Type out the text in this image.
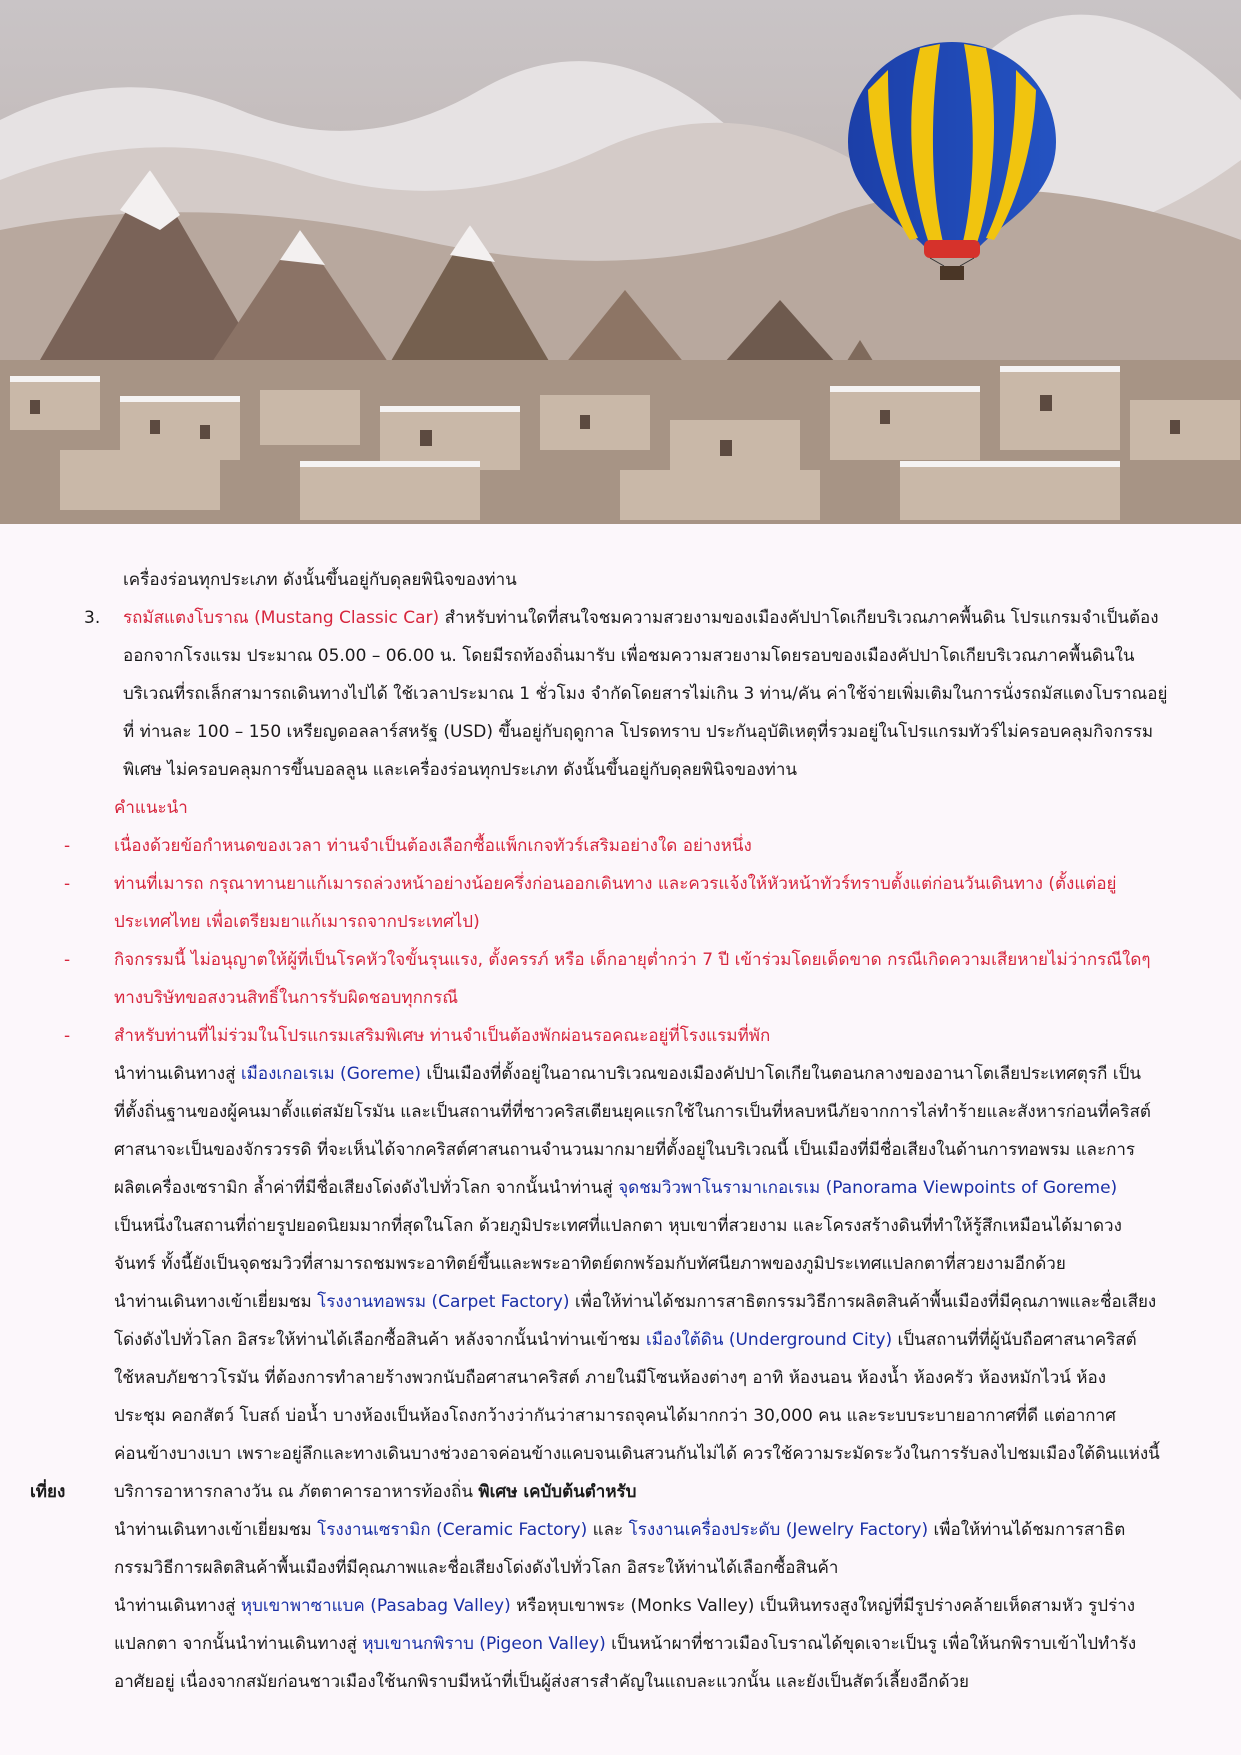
เครื่องร่อนทุกประเภท ดังนั้นขึ้นอยู่กับดุลยพินิจของท่าน
3. รถมัสแตงโบราณ (Mustang Classic Car) สำหรับท่านใดที่สนใจชมความสวยงามของเมืองคัปปาโดเกียบริเวณภาคพื้นดิน โปรแกรมจำเป็นต้อง
ออกจากโรงแรม ประมาณ 05.00 – 06.00 น. โดยมีรถท้องถิ่นมารับ เพื่อชมความสวยงามโดยรอบของเมืองคัปปาโดเกียบริเวณภาคพื้นดินใน
บริเวณที่รถเล็กสามารถเดินทางไปได้ ใช้เวลาประมาณ 1 ชั่วโมง จำกัดโดยสารไม่เกิน 3 ท่าน/คัน ค่าใช้จ่ายเพิ่มเติมในการนั่งรถมัสแตงโบราณอยู่
ที่ ท่านละ 100 – 150 เหรียญดอลลาร์สหรัฐ (USD) ขึ้นอยู่กับฤดูกาล โปรดทราบ ประกันอุบัติเหตุที่รวมอยู่ในโปรแกรมทัวร์ไม่ครอบคลุมกิจกรรม
พิเศษ ไม่ครอบคลุมการขึ้นบอลลูน และเครื่องร่อนทุกประเภท ดังนั้นขึ้นอยู่กับดุลยพินิจของท่าน
คำแนะนำ
-	เนื่องด้วยข้อกำหนดของเวลา ท่านจำเป็นต้องเลือกซื้อแพ็กเกจทัวร์เสริมอย่างใด อย่างหนึ่ง
-	ท่านที่เมารถ กรุณาทานยาแก้เมารถล่วงหน้าอย่างน้อยครึ่งก่อนออกเดินทาง และควรแจ้งให้หัวหน้าทัวร์ทราบตั้งแต่ก่อนวันเดินทาง (ตั้งแต่อยู่
ประเทศไทย เพื่อเตรียมยาแก้เมารถจากประเทศไป)
-	กิจกรรมนี้ ไม่อนุญาตให้ผู้ที่เป็นโรคหัวใจขั้นรุนแรง, ตั้งครรภ์ หรือ เด็กอายุต่ำกว่า 7 ปี เข้าร่วมโดยเด็ดขาด กรณีเกิดความเสียหายไม่ว่ากรณีใดๆ
ทางบริษัทขอสงวนสิทธิ์ในการรับผิดชอบทุกกรณี
-	สำหรับท่านที่ไม่ร่วมในโปรแกรมเสริมพิเศษ ท่านจำเป็นต้องพักผ่อนรอคณะอยู่ที่โรงแรมที่พัก
นำท่านเดินทางสู่ เมืองเกอเรเม (Goreme) เป็นเมืองที่ตั้งอยู่ในอาณาบริเวณของเมืองคัปปาโดเกียในตอนกลางของอานาโตเลียประเทศตุรกี เป็น
ที่ตั้งถิ่นฐานของผู้คนมาตั้งแต่สมัยโรมัน และเป็นสถานที่ที่ชาวคริสเตียนยุคแรกใช้ในการเป็นที่หลบหนีภัยจากการไล่ทำร้ายและสังหารก่อนที่คริสต์
ศาสนาจะเป็นของจักรวรรดิ ที่จะเห็นได้จากคริสต์ศาสนถานจำนวนมากมายที่ตั้งอยู่ในบริเวณนี้ เป็นเมืองที่มีชื่อเสียงในด้านการทอพรม และการ
ผลิตเครื่องเซรามิก ล้ำค่าที่มีชื่อเสียงโด่งดังไปทั่วโลก จากนั้นนำท่านสู่ จุดชมวิวพาโนรามาเกอเรเม (Panorama Viewpoints of Goreme)
เป็นหนึ่งในสถานที่ถ่ายรูปยอดนิยมมากที่สุดในโลก ด้วยภูมิประเทศที่แปลกตา หุบเขาที่สวยงาม และโครงสร้างดินที่ทำให้รู้สึกเหมือนได้มาดวง
จันทร์ ทั้งนี้ยังเป็นจุดชมวิวที่สามารถชมพระอาทิตย์ขึ้นและพระอาทิตย์ตกพร้อมกับทัศนียภาพของภูมิประเทศแปลกตาที่สวยงามอีกด้วย
นำท่านเดินทางเข้าเยี่ยมชม โรงงานทอพรม (Carpet Factory) เพื่อให้ท่านได้ชมการสาธิตกรรมวิธีการผลิตสินค้าพื้นเมืองที่มีคุณภาพและชื่อเสียง
โด่งดังไปทั่วโลก อิสระให้ท่านได้เลือกซื้อสินค้า หลังจากนั้นนำท่านเข้าชม เมืองใต้ดิน (Underground City) เป็นสถานที่ที่ผู้นับถือศาสนาคริสต์
ใช้หลบภัยชาวโรมัน ที่ต้องการทำลายร้างพวกนับถือศาสนาคริสต์ ภายในมีโซนห้องต่างๆ อาทิ ห้องนอน ห้องน้ำ ห้องครัว ห้องหมักไวน์ ห้อง
ประชุม คอกสัตว์ โบสถ์ บ่อน้ำ บางห้องเป็นห้องโถงกว้างว่ากันว่าสามารถจุคนได้มากกว่า 30,000 คน และระบบระบายอากาศที่ดี แต่อากาศ
ค่อนข้างบางเบา เพราะอยู่ลึกและทางเดินบางช่วงอาจค่อนข้างแคบจนเดินสวนกันไม่ได้ ควรใช้ความระมัดระวังในการรับลงไปชมเมืองใต้ดินแห่งนี้
เที่ยง	บริการอาหารกลางวัน ณ ภัตตาคารอาหารท้องถิ่น พิเศษ เคบับต้นตำหรับ
นำท่านเดินทางเข้าเยี่ยมชม โรงงานเซรามิก (Ceramic Factory) และ โรงงานเครื่องประดับ (Jewelry Factory) เพื่อให้ท่านได้ชมการสาธิต
กรรมวิธีการผลิตสินค้าพื้นเมืองที่มีคุณภาพและชื่อเสียงโด่งดังไปทั่วโลก อิสระให้ท่านได้เลือกซื้อสินค้า
นำท่านเดินทางสู่ หุบเขาพาซาแบค (Pasabag Valley) หรือหุบเขาพระ (Monks Valley) เป็นหินทรงสูงใหญ่ที่มีรูปร่างคล้ายเห็ดสามหัว รูปร่าง
แปลกตา จากนั้นนำท่านเดินทางสู่ หุบเขานกพิราบ (Pigeon Valley) เป็นหน้าผาที่ชาวเมืองโบราณได้ขุดเจาะเป็นรู เพื่อให้นกพิราบเข้าไปทำรัง
อาศัยอยู่ เนื่องจากสมัยก่อนชาวเมืองใช้นกพิราบมีหน้าที่เป็นผู้ส่งสารสำคัญในแถบละแวกนั้น และยังเป็นสัตว์เลี้ยงอีกด้วย
